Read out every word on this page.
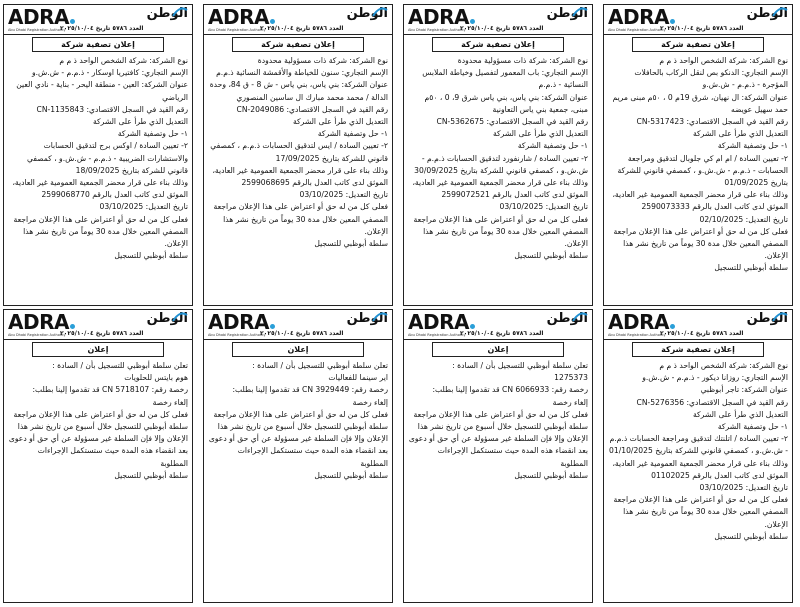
الوطن
ADRA
Abu Dhabi Registration Authority
العدد ٥٧٨٦ تاريخ ٢٠٢٥/١٠/٠٤
إعلان تصفية شركة

نوع الشركة: شركة الشخص الواحد ذ م م

الإسم التجاري: الدنكو بص لنقل الركاب بالحافلات المؤجرة - ذ.م.م - ش.ش.و

عنوان الشركة: ال نهيان، شرق 19م 0 ، ٥٠م مبنى مريم حمد سهيل عويضه

رقم القيد في السجل الاقتصادي: CN-5317423

التعديل الذي طرأ على الشركة

١- حل وتصفية الشركة

٢- تعيين السادة / ام ام كي جلوبال لتدقيق ومراجعة الحسابات - ذ.م.م - ش.ش.و ، كمصفي قانوني للشركة بتاريخ 01/09/2025

وذلك بناء على قرار محضر الجمعية العمومية غير العادية، الموثق لدى كاتب العدل بالرقم 2590073333

تاريخ التعديل: 02/10/2025

فعلى كل من له حق أو اعتراض على هذا الإعلان مراجعة المصفي المعين خلال مدة 30 يوماً من تاريخ نشر هذا الإعلان.

سلطة أبوظبي للتسجيل

الوطن
ADRA
Abu Dhabi Registration Authority
العدد ٥٧٨٦ تاريخ ٢٠٢٥/١٠/٠٤
إعلان تصفية شركة

نوع الشركة: شركة ذات مسؤولية محدودة

الإسم التجاري: باب المعمور لتفصيل وخياطة الملابس النسائية - ذ.م.م

عنوان الشركة: بني ياس، بني ياس شرق 9، 0 ، ٥٠م مبنى، جمعية بني ياس التعاونية

رقم القيد في السجل الاقتصادي: CN-5362675

التعديل الذي طرأ على الشركة

١- حل وتصفية الشركة

٢- تعيين السادة / شارنفورد لتدقيق الحسابات ذ.م.م - ش.ش.و ، كمصفي قانوني للشركة بتاريخ 30/09/2025

وذلك بناء على قرار محضر الجمعية العمومية غير العادية، الموثق لدى كاتب العدل بالرقم 2599072521

تاريخ التعديل: 03/10/2025

فعلى كل من له حق أو اعتراض على هذا الإعلان مراجعة المصفي المعين خلال مدة 30 يوماً من تاريخ نشر هذا الإعلان.

سلطة أبوظبي للتسجيل

الوطن
ADRA
Abu Dhabi Registration Authority
العدد ٥٧٨٦ تاريخ ٢٠٢٥/١٠/٠٤
إعلان تصفية شركة

نوع الشركة: شركة ذات مسؤولية محدودة

الإسم التجاري: سنون للخياطة والأقمشة النسائية ذ.م.م

عنوان الشركة: بني ياس، بني ياس - ش 8 - ق 84، وحدة الدالة / محمد محمد مبارك ال ساسين المنصوري

رقم القيد في السجل الاقتصادي: CN-2049086

التعديل الذي طرأ على الشركة

١- حل وتصفية الشركة

٢- تعيين السادة / ايس لتدقيق الحسابات ذ.م.م ، كمصفي قانوني للشركة بتاريخ 17/09/2025

وذلك بناء على قرار محضر الجمعية العمومية غير العادية، الموثق لدى كاتب العدل بالرقم 2599068695

تاريخ التعديل: 03/10/2025

فعلى كل من له حق أو اعتراض على هذا الإعلان مراجعة المصفي المعين خلال مدة 30 يوماً من تاريخ نشر هذا الإعلان.

سلطة أبوظبي للتسجيل

الوطن
ADRA
Abu Dhabi Registration Authority
العدد ٥٧٨٦ تاريخ ٢٠٢٥/١٠/٠٤
إعلان تصفية شركة

نوع الشركة: شركة الشخص الواحد ذ م م

الإسم التجاري: كافتيريا اوسكار - ذ.م.م - ش.ش.و

عنوان الشركة: العين - منطقة اليحر - بناية - نادي العين الرياضي

رقم القيد في السجل الاقتصادي: CN-1135843

التعديل الذي طرأ على الشركة

١- حل وتصفية الشركة

٢- تعيين السادة / اوكس برج لتدقيق الحسابات والاستشارات الضريبية - ذ.م.م - ش.ش.و ، كمصفي قانوني للشركة بتاريخ 18/09/2025

وذلك بناء على قرار محضر الجمعية العمومية غير العادية، الموثق لدى كاتب العدل بالرقم 2599068770

تاريخ التعديل: 03/10/2025

فعلى كل من له حق أو اعتراض على هذا الإعلان مراجعة المصفي المعين خلال مدة 30 يوماً من تاريخ نشر هذا الإعلان.

سلطة أبوظبي للتسجيل

الوطن
ADRA
Abu Dhabi Registration Authority
العدد ٥٧٨٦ تاريخ ٢٠٢٥/١٠/٠٤
إعلان تصفية شركة

نوع الشركة: شركة الشخص الواحد ذ م م

الإسم التجاري: روزانا ديكور - ذ.م.م - ش.ش.و

عنوان الشركة: تاجر أبوظبي

رقم القيد في السجل الاقتصادي: CN-5276356

التعديل الذي طرأ على الشركة

١- حل وتصفية الشركة

٢- تعيين السادة / اتلنتك لتدقيق ومراجعة الحسابات ذ.م.م - ش.ش.و ، كمصفي قانوني للشركة بتاريخ 01/10/2025

وذلك بناء على قرار محضر الجمعية العمومية غير العادية، الموثق لدى كاتب العدل بالرقم 01102025

تاريخ التعديل: 03/10/2025

فعلى كل من له حق أو اعتراض على هذا الإعلان مراجعة المصفي المعين خلال مدة 30 يوماً من تاريخ نشر هذا الإعلان.

سلطة أبوظبي للتسجيل

الوطن
ADRA
Abu Dhabi Registration Authority
العدد ٥٧٨٦ تاريخ ٢٠٢٥/١٠/٠٤
إعلان

تعلن سلطة أبوظبي للتسجيل بأن / السادة :

1275373

رخصة رقم: CN 6066933 قد تقدموا إلينا بطلب:

إلغاء رخصة

فعلى كل من له حق أو اعتراض على هذا الإعلان مراجعة سلطة أبوظبي للتسجيل خلال أسبوع من تاريخ نشر هذا الإعلان وإلا فإن السلطة غير مسؤولة عن أي حق أو دعوى بعد انقضاء هذه المدة حيث ستستكمل الإجراءات المطلوبة

سلطة أبوظبي للتسجيل

الوطن
ADRA
Abu Dhabi Registration Authority
العدد ٥٧٨٦ تاريخ ٢٠٢٥/١٠/٠٤
إعلان

تعلن سلطة أبوظبي للتسجيل بأن / السادة :

اير سينما للفعاليات

رخصة رقم: CN 3929449 قد تقدموا إلينا بطلب:

إلغاء رخصة

فعلى كل من له حق أو اعتراض على هذا الإعلان مراجعة سلطة أبوظبي للتسجيل خلال أسبوع من تاريخ نشر هذا الإعلان وإلا فإن السلطة غير مسؤولة عن أي حق أو دعوى بعد انقضاء هذه المدة حيث ستستكمل الإجراءات المطلوبة

سلطة أبوظبي للتسجيل

الوطن
ADRA
Abu Dhabi Registration Authority
العدد ٥٧٨٦ تاريخ ٢٠٢٥/١٠/٠٤
إعلان

تعلن سلطة أبوظبي للتسجيل بأن / السادة :

هوم بايتس للحلويات

رخصة رقم: CN 5718107 قد تقدموا إلينا بطلب:

إلغاء رخصة

فعلى كل من له حق أو اعتراض على هذا الإعلان مراجعة سلطة أبوظبي للتسجيل خلال أسبوع من تاريخ نشر هذا الإعلان وإلا فإن السلطة غير مسؤولة عن أي حق أو دعوى بعد انقضاء هذه المدة حيث ستستكمل الإجراءات المطلوبة

سلطة أبوظبي للتسجيل
